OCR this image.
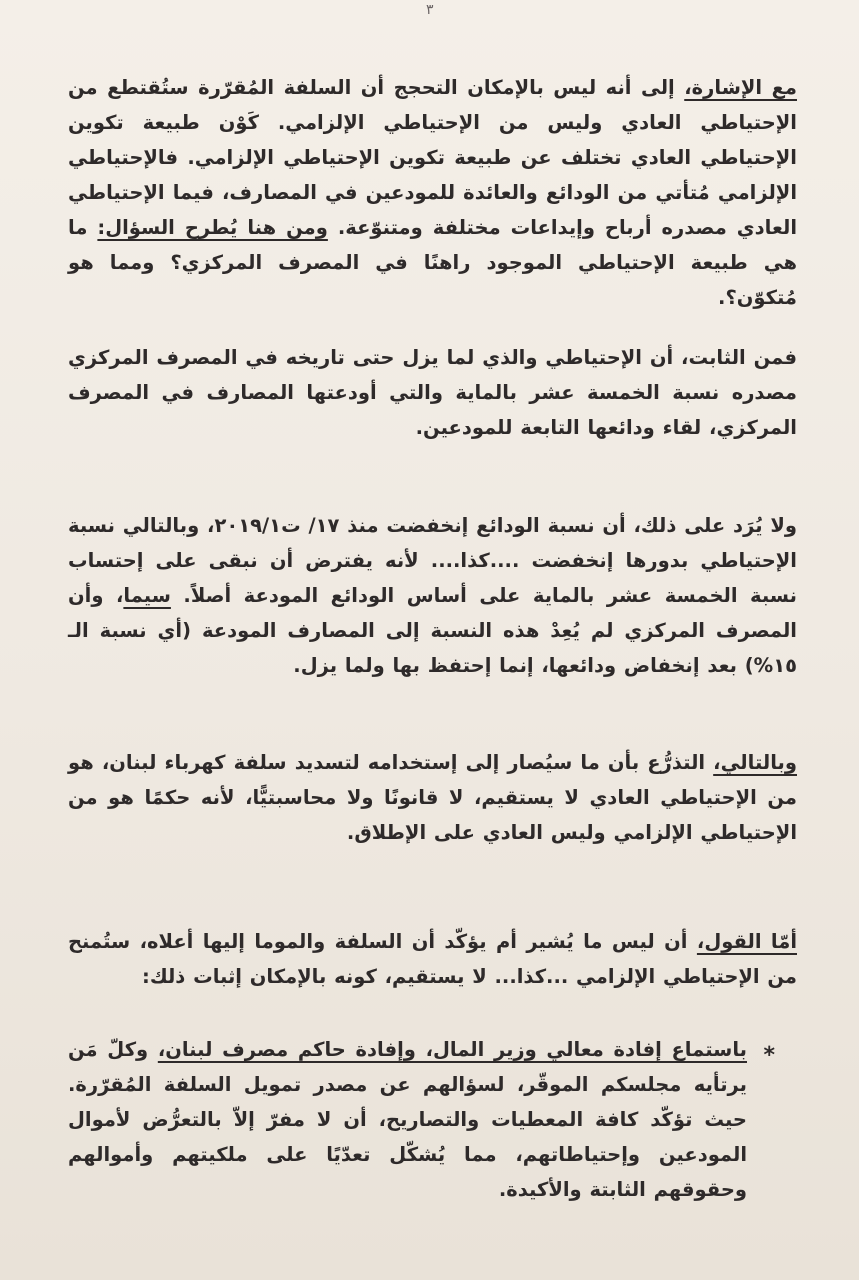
٣

مع الإشارة، إلى أنه ليس بالإمكان التحجج أن السلفة المُقرّرة ستُقتطع من الإحتياطي العادي وليس من الإحتياطي الإلزامي. كَوْن طبيعة تكوين الإحتياطي العادي تختلف عن طبيعة تكوين الإحتياطي الإلزامي. فالإحتياطي الإلزامي مُتأتي من الودائع والعائدة للمودعين في المصارف، فيما الإحتياطي العادي مصدره أرباح وإيداعات مختلفة ومتنوّعة. ومن هنا يُطرح السؤال: ما هي طبيعة الإحتياطي الموجود راهنًا في المصرف المركزي؟ ومما هو مُتكوّن؟.

فمن الثابت، أن الإحتياطي والذي لما يزل حتى تاريخه في المصرف المركزي مصدره نسبة الخمسة عشر بالماية والتي أودعتها المصارف في المصرف المركزي، لقاء ودائعها التابعة للمودعين.

ولا يُرَد على ذلك، أن نسبة الودائع إنخفضت منذ ١٧/ ت٢٠١٩/١، وبالتالي نسبة الإحتياطي بدورها إنخفضت ....كذا.... لأنه يفترض أن نبقى على إحتساب نسبة الخمسة عشر بالماية على أساس الودائع المودعة أصلاً. سيما، وأن المصرف المركزي لم يُعِدْ هذه النسبة إلى المصارف المودعة (أي نسبة الـ ١٥%) بعد إنخفاض ودائعها، إنما إحتفظ بها ولما يزل.

وبالتالي، التذرُّع بأن ما سيُصار إلى إستخدامه لتسديد سلفة كهرباء لبنان، هو من الإحتياطي العادي لا يستقيم، لا قانونًا ولا محاسبتيًّا، لأنه حكمًا هو من الإحتياطي الإلزامي وليس العادي على الإطلاق.

أمّا القول، أن ليس ما يُشير أم يؤكّد أن السلفة والموما إليها أعلاه، ستُمنح من الإحتياطي الإلزامي ...كذا... لا يستقيم، كونه بالإمكان إثبات ذلك:

*

باستماع إفادة معالي وزير المال، وإفادة حاكم مصرف لبنان، وكلّ مَن يرتأيه مجلسكم الموقّر، لسؤالهم عن مصدر تمويل السلفة المُقرّرة. حيث تؤكّد كافة المعطيات والتصاريح، أن لا مفرّ إلاّ بالتعرُّض لأموال المودعين وإحتياطاتهم، مما يُشكّل تعدّيًا على ملكيتهم وأموالهم وحقوقهم الثابتة والأكيدة.
